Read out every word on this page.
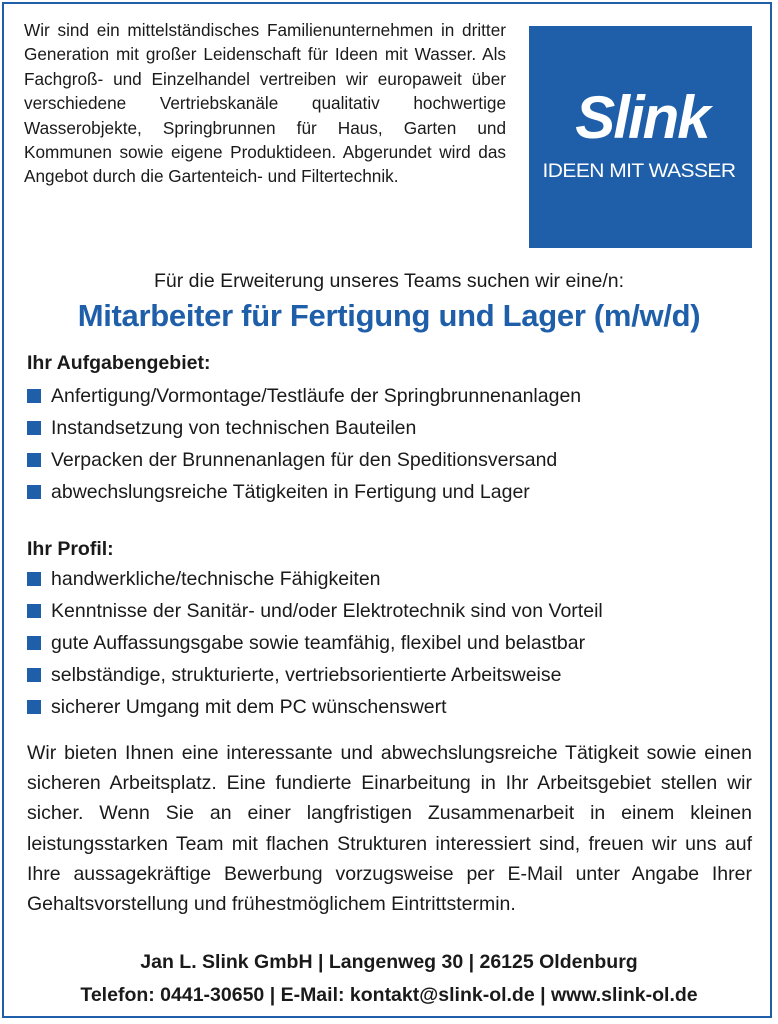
Wir sind ein mittelständisches Familienunternehmen in dritter Generation mit großer Leidenschaft für Ideen mit Wasser. Als Fachgroß- und Einzelhandel vertreiben wir europaweit über verschiedene Vertriebskanäle qualitativ hochwertige Wasserobjekte, Springbrunnen für Haus, Garten und Kommunen sowie eigene Produktideen. Abgerundet wird das Angebot durch die Gartenteich- und Filtertechnik.

Slink
IDEEN MIT WASSER
Für die Erweiterung unseres Teams suchen wir eine/n:
Mitarbeiter für Fertigung und Lager (m/w/d)
Ihr Aufgabengebiet:
Anfertigung/Vormontage/Testläufe der Springbrunnenanlagen
Instandsetzung von technischen Bauteilen
Verpacken der Brunnenanlagen für den Speditionsversand
abwechslungsreiche Tätigkeiten in Fertigung und Lager
Ihr Profil:
handwerkliche/technische Fähigkeiten
Kenntnisse der Sanitär- und/oder Elektrotechnik sind von Vorteil
gute Auffassungsgabe sowie teamfähig, flexibel und belastbar
selbständige, strukturierte, vertriebsorientierte Arbeitsweise
sicherer Umgang mit dem PC wünschenswert

Wir bieten Ihnen eine interessante und abwechslungsreiche Tätigkeit sowie einen sicheren Arbeitsplatz. Eine fundierte Einarbeitung in Ihr Arbeitsgebiet stellen wir sicher. Wenn Sie an einer langfristigen Zusammenarbeit in einem kleinen leistungsstarken Team mit flachen Strukturen interessiert sind, freuen wir uns auf Ihre aussagekräftige Bewerbung vorzugsweise per E-Mail unter Angabe Ihrer Gehaltsvorstellung und frühestmöglichem Eintrittstermin.

Jan L. Slink GmbH | Langenweg 30 | 26125 Oldenburg
Telefon: 0441-30650 | E-Mail: kontakt@slink-ol.de | www.slink-ol.de
